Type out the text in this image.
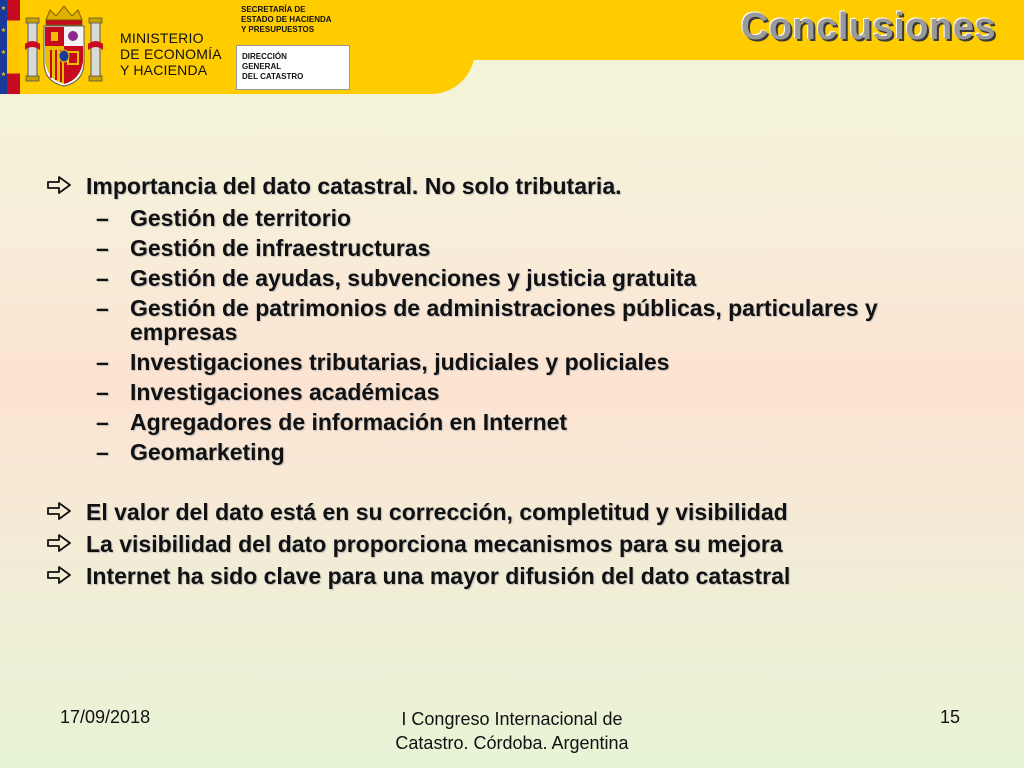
★
★
★
★
MINISTERIO
DE ECONOMÍA
Y HACIENDA
SECRETARÍA DE
ESTADO DE HACIENDA
Y PRESUPUESTOS
DIRECCIÓN
GENERAL
DEL CATASTRO
Conclusiones
Importancia del dato catastral. No solo tributaria.
– Gestión de territorio
– Gestión de infraestructuras
– Gestión de ayudas, subvenciones y justicia gratuita
– Gestión de patrimonios de administraciones públicas, particulares y empresas
– Investigaciones tributarias, judiciales y policiales
– Investigaciones académicas
– Agregadores de información en Internet
– Geomarketing
El valor del dato está en su corrección, completitud y visibilidad
La visibilidad del dato proporciona mecanismos para su mejora
Internet ha sido clave para una mayor difusión del dato catastral
17/09/2018	I Congreso Internacional de
Catastro. Córdoba. Argentina
15
